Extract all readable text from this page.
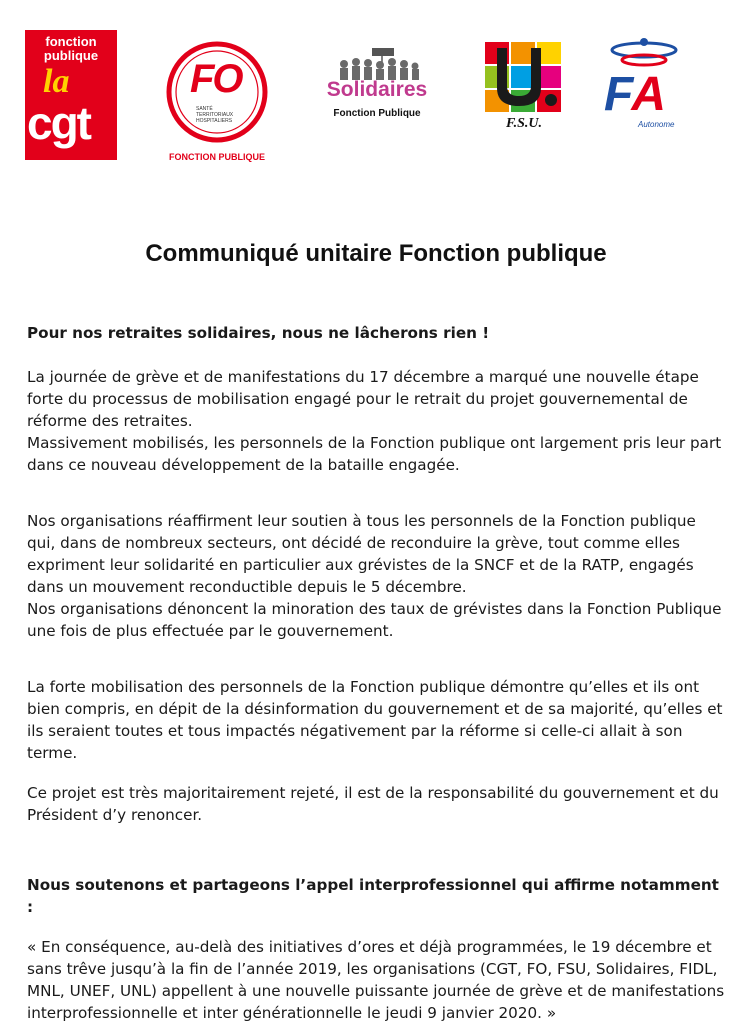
fonction
publique
la
cgt
FO
SANTÉ TERRITORIAUX HOSPITALIERS
FONCTION PUBLIQUE
Solidaires
Fonction Publique
F.S.U.
FA
Autonome
Communiqué unitaire Fonction publique

Pour nos retraites solidaires, nous ne lâcherons rien !

La journée de grève et de manifestations du 17 décembre a marqué une nouvelle étape forte du processus de mobilisation engagé pour le retrait du projet gouvernemental de réforme des retraites.

Massivement mobilisés, les personnels de la Fonction publique ont largement pris leur part dans ce nouveau développement de la bataille engagée.

Nos organisations réaffirment leur soutien à tous les personnels de la Fonction publique qui, dans de nombreux secteurs, ont décidé de reconduire la grève, tout comme elles expriment leur solidarité en particulier aux grévistes de la SNCF et de la RATP, engagés dans un mouvement reconductible depuis le 5 décembre.

Nos organisations dénoncent la minoration des taux de grévistes dans la Fonction Publique une fois de plus effectuée par le gouvernement.

La forte mobilisation des personnels de la Fonction publique démontre qu’elles et ils ont bien compris, en dépit de la désinformation du gouvernement et de sa majorité, qu’elles et ils seraient toutes et tous impactés négativement par la réforme si celle-ci allait à son terme.

Ce projet est très majoritairement rejeté, il est de la responsabilité du gouvernement et du Président d’y renoncer.

Nous soutenons et partageons l’appel interprofessionnel qui affirme notamment :

« En conséquence, au-delà des initiatives d’ores et déjà programmées, le 19 décembre et sans trêve jusqu’à la fin de l’année 2019, les organisations (CGT, FO, FSU, Solidaires, FIDL, MNL, UNEF, UNL) appellent à une nouvelle puissante journée de grève et de manifestations interprofessionnelle et inter générationnelle le jeudi 9 janvier 2020. »
